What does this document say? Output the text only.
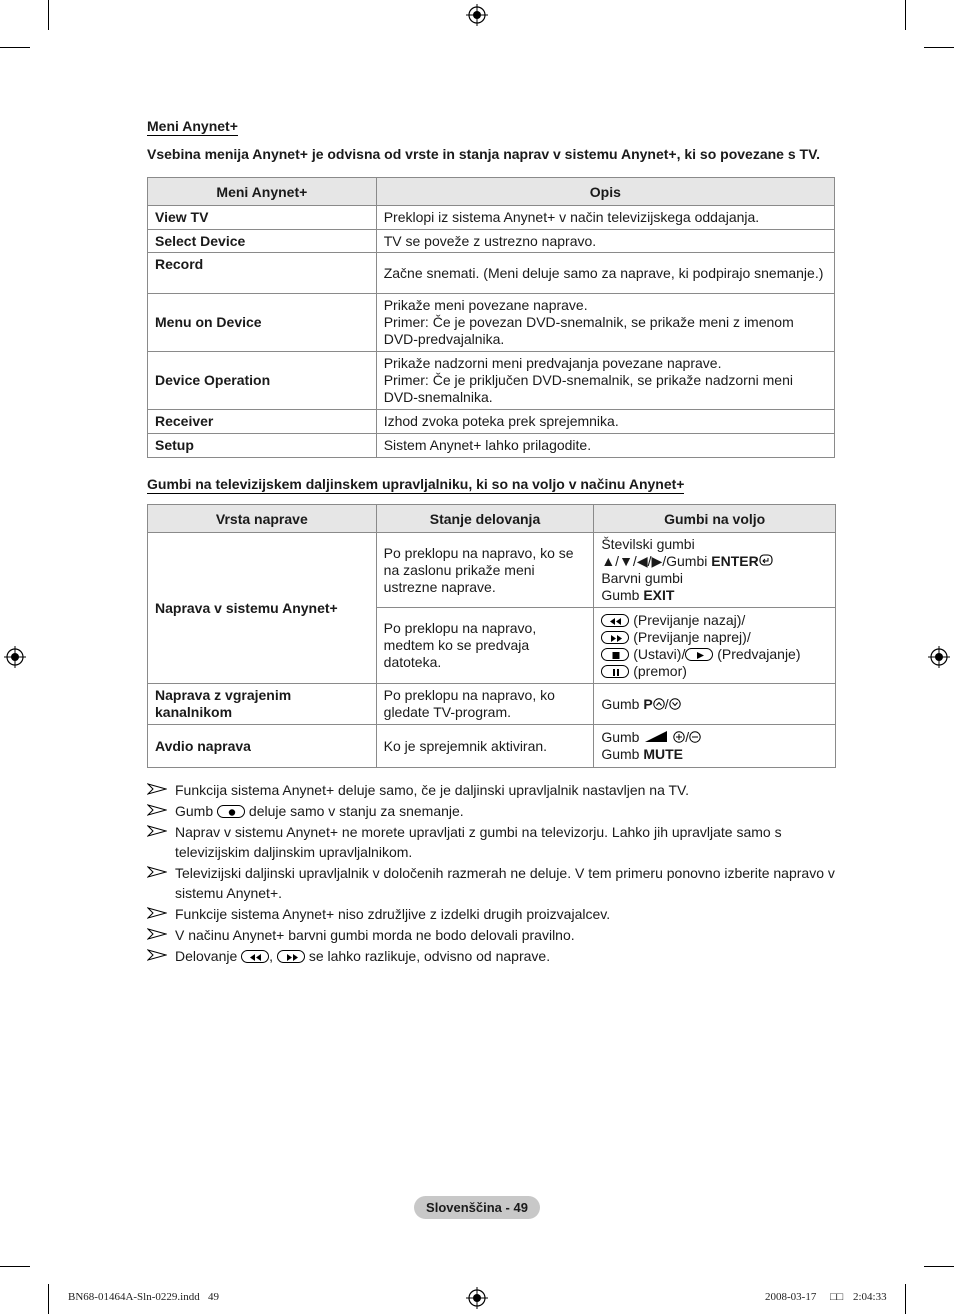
Meni Anynet+
Vsebina menija Anynet+ je odvisna od vrste in stanja naprav v sistemu Anynet+, ki so povezane s TV.
Meni Anynet+	Opis
View TV	Preklopi iz sistema Anynet+ v način televizijskega oddajanja.
Select Device	TV se poveže z ustrezno napravo.
Record	Začne snemati. (Meni deluje samo za naprave, ki podpirajo snemanje.)
Menu on Device	Prikaže meni povezane naprave.
Primer: Če je povezan DVD-snemalnik, se prikaže meni z imenom DVD-predvajalnika.

Device Operation	Prikaže nadzorni meni predvajanja povezane naprave.
Primer: Če je priključen DVD-snemalnik, se prikaže nadzorni meni DVD-snemalnika.

Receiver	Izhod zvoka poteka prek sprejemnika.
Setup	Sistem Anynet+ lahko prilagodite.
Gumbi na televizijskem daljinskem upravljalniku, ki so na voljo v načinu Anynet+
Vrsta naprave	Stanje delovanja	Gumbi na voljo
Naprava v sistemu Anynet+	Po preklopu na napravo, ko se na zaslonu prikaže meni ustrezne naprave.	Številski gumbi
▲/▼/◀/▶/Gumbi ENTER
Barvni gumbi
Gumb EXIT

	Po preklopu na napravo, medtem ko se predvaja datoteka.	(Previjanje nazaj)/
(Previjanje naprej)/
(Ustavi)/ (Predvajanje)
(premor)

Naprava z vgrajenim kanalnikom	Po preklopu na napravo, ko gledate TV-program.	Gumb P /
Avdio naprava	Ko je sprejemnik aktiviran.	Gumb /
Gumb MUTE
Funkcija sistema Anynet+ deluje samo, če je daljinski upravljalnik nastavljen na TV.
Gumb	deluje samo v stanju za snemanje.
Naprav v sistemu Anynet+ ne morete upravljati z gumbi na televizorju. Lahko jih upravljate samo s televizijskim daljinskim upravljalnikom.
Televizijski daljinski upravljalnik v določenih razmerah ne deluje. V tem primeru ponovno izberite napravo v sistemu Anynet+.
Funkcije sistema Anynet+ niso združljive z izdelki drugih proizvajalcev.
V načinu Anynet+ barvni gumbi morda ne bodo delovali pravilno.
Delovanje ,	se lahko razlikuje, odvisno od naprave.
Slovenščina - 49
BN68-01464A-Sln-0229.indd   49	2008-03-17 □□ 2:04:33
